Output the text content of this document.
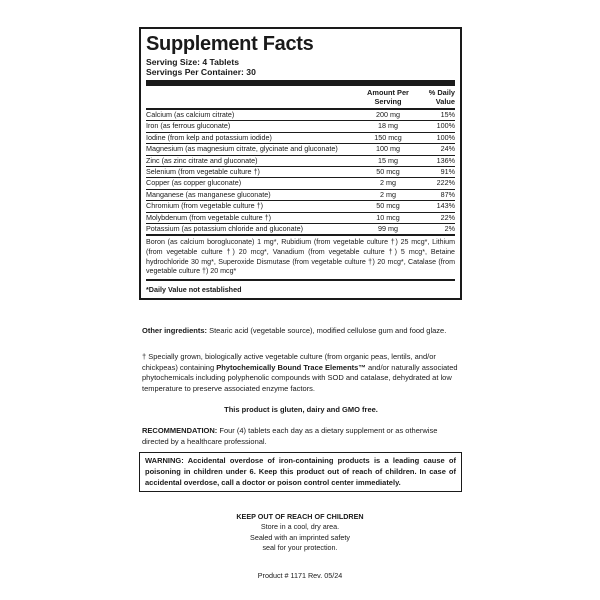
Supplement Facts
Serving Size: 4 Tablets
Servings Per Container: 30
Amount Per Serving
% Daily Value
Calcium (as calcium citrate)	200 mg	15%
Iron (as ferrous gluconate)	18 mg	100%
Iodine (from kelp and potassium iodide)	150 mcg	100%
Magnesium (as magnesium citrate, glycinate and gluconate)	100 mg	24%
Zinc (as zinc citrate and gluconate)	15 mg	136%
Selenium (from vegetable culture †)	50 mcg	91%
Copper (as copper gluconate)	2 mg	222%
Manganese (as manganese gluconate)	2 mg	87%
Chromium (from vegetable culture †)	50 mcg	143%
Molybdenum (from vegetable culture †)	10 mcg	22%
Potassium (as potassium chloride and gluconate)	99 mg	2%
Boron (as calcium borogluconate) 1 mg*, Rubidium (from vegetable culture †) 25 mcg*, Lithium (from vegetable culture †) 20 mcg*, Vanadium (from vegetable culture †) 5 mcg*, Betaine hydrochloride 30 mg*, Superoxide Dismutase (from vegetable culture †) 20 mcg*, Catalase (from vegetable culture †) 20 mcg*
*Daily Value not established
Other ingredients: Stearic acid (vegetable source), modified cellulose gum and food glaze.
† Specially grown, biologically active vegetable culture (from organic peas, lentils, and/or chickpeas) containing Phytochemically Bound Trace Elements™ and/or naturally associated phytochemicals including polyphenolic compounds with SOD and catalase, dehydrated at low temperature to preserve associated enzyme factors.
This product is gluten, dairy and GMO free.
RECOMMENDATION: Four (4) tablets each day as a dietary supplement or as otherwise directed by a healthcare professional.
WARNING: Accidental overdose of iron-containing products is a leading cause of poisoning in children under 6. Keep this product out of reach of children. In case of accidental overdose, call a doctor or poison control center immediately.
KEEP OUT OF REACH OF CHILDREN
Store in a cool, dry area.
Sealed with an imprinted safety
seal for your protection.
Product # 1171 Rev. 05/24
